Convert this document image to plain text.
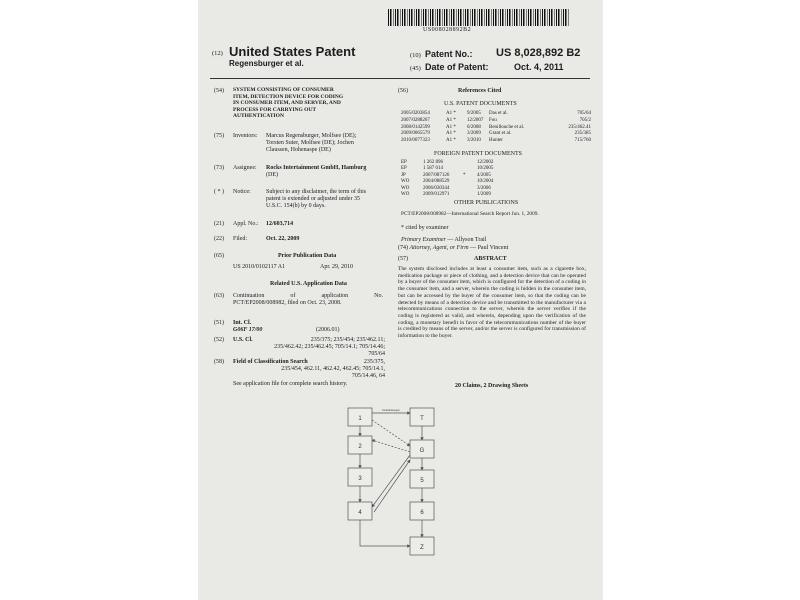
US008028892B2
(12) United States Patent
Regensburger et al.
(10) Patent No.: US 8,028,892 B2
(45) Date of Patent:	Oct. 4, 2011
(54) SYSTEM CONSISTING OF CONSUMER
ITEM, DETECTION DEVICE FOR CODING
IN CONSUMER ITEM, AND SERVER, AND
PROCESS FOR CARRYING OUT
AUTHENTICATION
(75) Inventors: Marcus Regensburger, Molfsee (DE);
Torsten Suter, Molfsee (DE); Jochen
Claussen, Hohenaspe (DE)
(73) Assignee: Rocks Intertainment GmbH, Hamburg
(DE)
( * ) Notice:	Subject to any disclaimer, the term of this
patent is extended or adjusted under 35
U.S.C. 154(b) by 0 days.
(21) Appl. No.: 12/603,714
(22) Filed:	Oct. 22, 2009
(65)	Prior Publication Data
US 2010/0102117 A1	Apr. 29, 2010
Related U.S. Application Data
(63) Continuation of application No.
PCT/EP2008/008982, filed on Oct. 23, 2008.
(51) Int. Cl.
G06F 17/00	(2006.01)
(52) U.S. Cl.	235/375; 235/454; 235/462.11;
235/462.42; 235/462.45; 705/14.1; 705/14.46;
705/64
(58) Field of Classification Search	235/375,
235/454, 462.11, 462.42, 462.45; 705/14.1,
705/14.46, 64
See application file for complete search history.
(56)	References Cited
U.S. PATENT DOCUMENTS
2005/0203854	A1 * 9/2005 Das et al.	705/64
2007/0288267	A1 * 12/2007 Fou	705/2
2008/0142599	A1 * 6/2008 Benillouche et al.	235/462.41
2009/0065579	A1 * 3/2009 Grant et al.	235/385
2010/0077323	A1 * 3/2010 Hunter	715/760
FOREIGN PATENT DOCUMENTS
EP	1 262 896	12/2002
EP	1 587 014	10/2005
JP	2007/087126	* 4/2005
WO	2004/088529	10/2004
WO	2006/030344	3/2006
WO	2009/012971	1/2009
OTHER PUBLICATIONS
PCT/EP2008/008982—International Search Report Jun. 1, 2009.
* cited by examiner
Primary Examiner — Allyson Trail
(74) Attorney, Agent, or Firm — Paul Vincent
(57)	ABSTRACT
The system disclosed includes at least a consumer item, such as a cigarette box, medication package or piece of clothing, and a detection device that can be operated by a buyer of the consumer item, which is configured for the detection of a coding in the consumer item, and a server, wherein the coding is hidden in the consumer item, but can be accessed by the buyer of the consumer item, so that the coding can be detected by means of a detection device and be transmitted to the manufacturer via a telecommunications connection to the server, wherein the server verifies if the coding is registered as valid, and wherein, depending upon the verification of the coding, a monetary benefit in favor of the telecommunications number of the buyer is credited by means of the server, and/or the server is configured for transmission of information to the buyer.
20 Claims, 2 Drawing Sheets
1
2
3
4
T
G
5
6
Z
Codeablesegen
